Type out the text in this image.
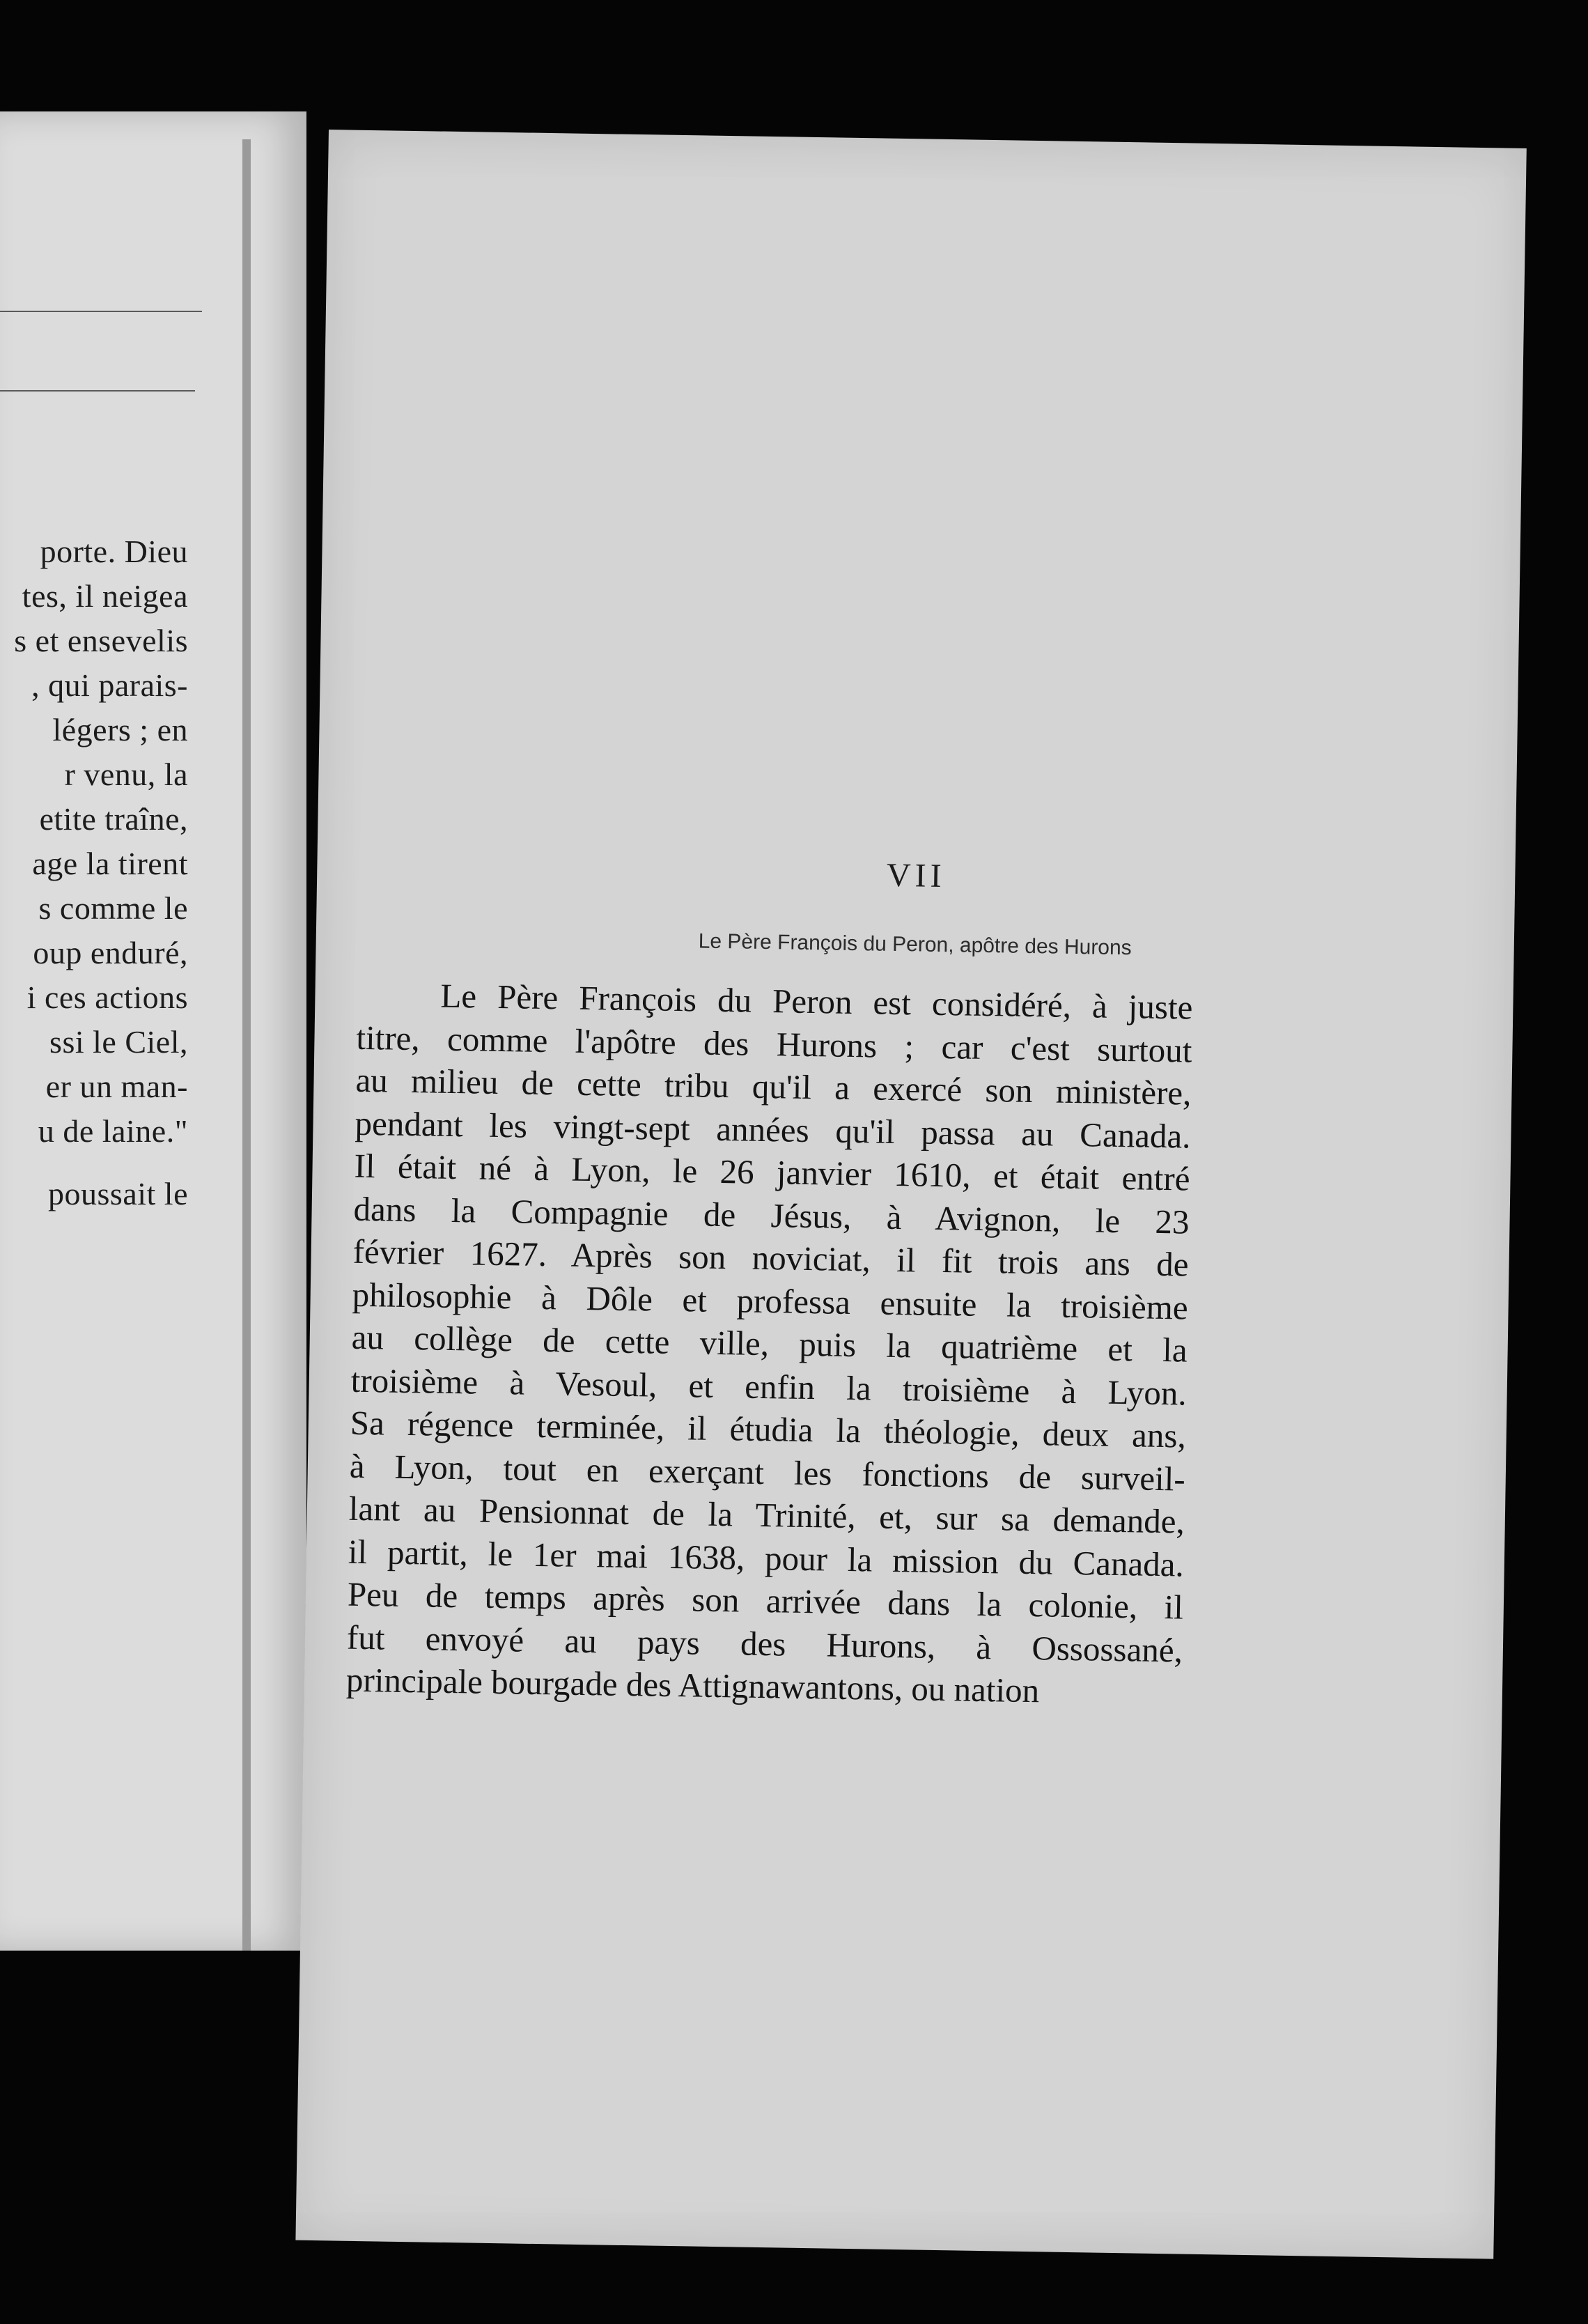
porte. Dieu
tes, il neigea
s et ensevelis
, qui parais-
légers ; en
r venu, la
etite traîne,
age la tirent
s comme le
oup enduré,
i ces actions
ssi le Ciel,
er un man-
u de laine."
poussait le
VII
Le Père François du Peron, apôtre des Hurons
Le Père François du Peron est considéré, à juste
titre, comme l'apôtre des Hurons ; car c'est surtout
au milieu de cette tribu qu'il a exercé son ministère,
pendant les vingt-sept années qu'il passa au Canada.
Il était né à Lyon, le 26 janvier 1610, et était entré
dans la Compagnie de Jésus, à Avignon, le 23
février 1627. Après son noviciat, il fit trois ans de
philosophie à Dôle et professa ensuite la troisième
au collège de cette ville, puis la quatrième et la
troisième à Vesoul, et enfin la troisième à Lyon.
Sa régence terminée, il étudia la théologie, deux ans,
à Lyon, tout en exerçant les fonctions de surveil-
lant au Pensionnat de la Trinité, et, sur sa demande,
il partit, le 1er mai 1638, pour la mission du Canada.
Peu de temps après son arrivée dans la colonie, il
fut envoyé au pays des Hurons, à Ossossané,
principale bourgade des Attignawantons, ou nation
